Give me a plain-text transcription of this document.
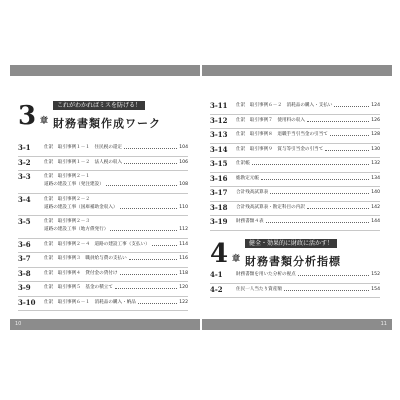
3 章
これがわかればミスを防げる！
財務書類作成ワーク
3-1	仕訳　取引事例１－１　住民税の還定	104
3-2	仕訳　取引事例１－２　法人税の収入	106
3-3	仕訳　取引事例２－１
道路の建設工事（発注建設）	108
3-4	仕訳　取引事例２－２
道路の建設工事（国庫補助金収入）	110
3-5	仕訳　取引事例２－３
道路の建設工事（地方債発行）	112
3-6	仕訳　取引事例２－４　道路の建設工事（支払い）	114
3-7	仕訳　取引事例３　職員給与費の支払い	116
3-8	仕訳　取引事例４　貸付金の貸付け	118
3-9	仕訳　取引事例５　基金の積立て	120
3-10 仕訳　取引事例６－１　消耗品の購入・納品	122
10
3-11 仕訳　取引事例６－２　消耗品の購入・支払い	124
3-12 仕訳　取引事例７　使用料の収入	126
3-13 仕訳　取引事例８　退職手当引当金の引当て	128
3-14 仕訳　取引事例９　賞与等引当金の引当て	130
3-15 仕訳帳	132
3-16 総勘定元帳	134
3-17 合計残高試算表	140
3-18 合計残高試算表・勘定科目の内訳	142
3-19 財務書類４表	144
4 章
健全・効果的に財政に活かす！
財務書類分析指標
4-1	財務書類を用いた分析の視点	152
4-2	住民一人当たり資産額	154
11
